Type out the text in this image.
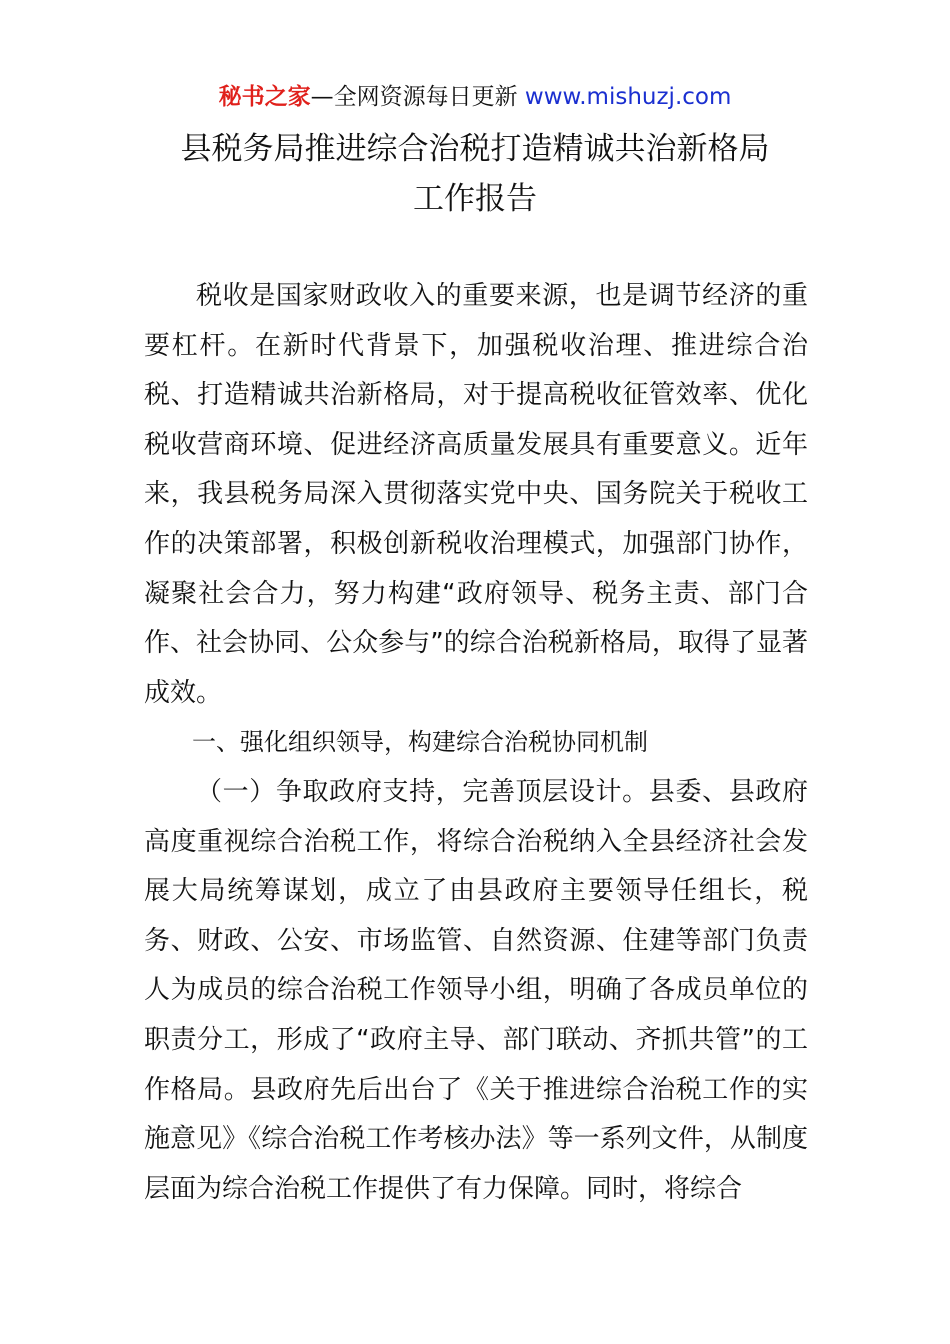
秘书之家—全网资源每日更新 www.mishuzj.com
县税务局推进综合治税打造精诚共治新格局
工作报告

税收是国家财政收入的重要来源，也是调节经济的重要杠杆。在新时代背景下，加强税收治理、推进综合治税、打造精诚共治新格局，对于提高税收征管效率、优化税收营商环境、促进经济高质量发展具有重要意义。近年来，我县税务局深入贯彻落实党中央、国务院关于税收工作的决策部署，积极创新税收治理模式，加强部门协作，凝聚社会合力，努力构建“政府领导、税务主责、部门合作、社会协同、公众参与”的综合治税新格局，取得了显著成效。

一、强化组织领导，构建综合治税协同机制

（一）争取政府支持，完善顶层设计。县委、县政府高度重视综合治税工作，将综合治税纳入全县经济社会发展大局统筹谋划，成立了由县政府主要领导任组长，税务、财政、公安、市场监管、自然资源、住建等部门负责人为成员的综合治税工作领导小组，明确了各成员单位的职责分工，形成了“政府主导、部门联动、齐抓共管”的工作格局。县政府先后出台了《关于推进综合治税工作的实施意见》《综合治税工作考核办法》等一系列文件，从制度层面为综合治税工作提供了有力保障。同时，将综合
